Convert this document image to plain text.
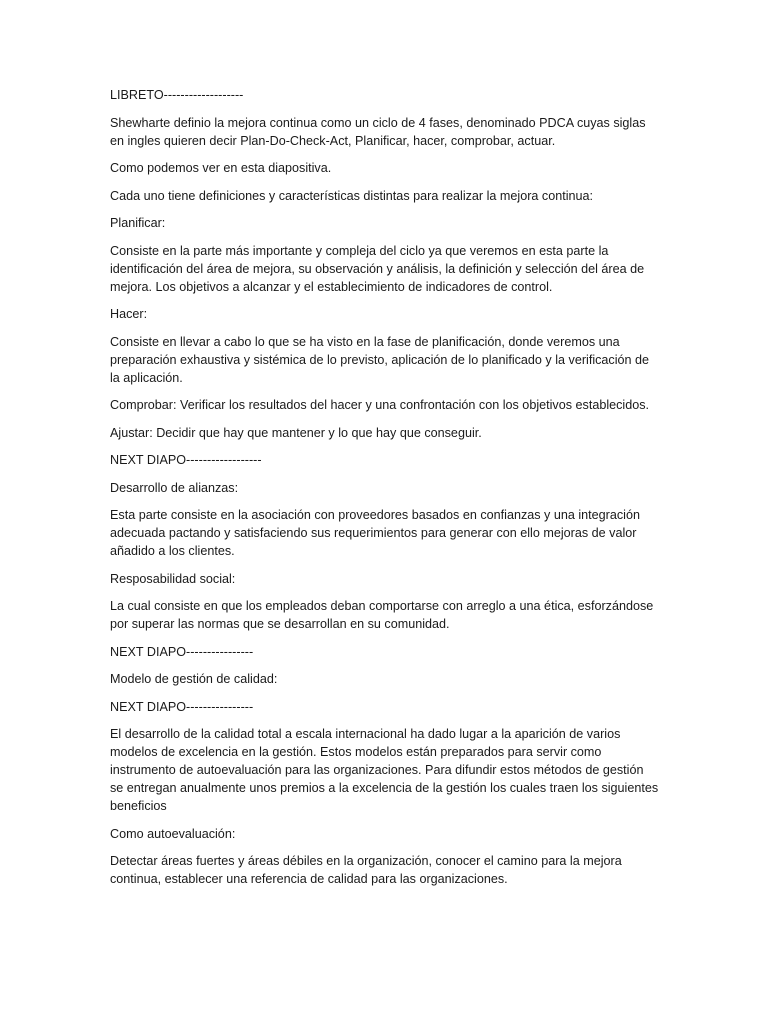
LIBRETO-------------------

Shewharte definio la mejora continua como un ciclo de 4 fases, denominado PDCA cuyas siglas en ingles quieren decir Plan-Do-Check-Act, Planificar, hacer, comprobar, actuar.

Como podemos ver en esta diapositiva.

Cada uno tiene definiciones y características distintas para realizar la mejora continua:

Planificar:

Consiste en la parte más importante y compleja del ciclo ya que veremos en esta parte la identificación del área de mejora, su observación y análisis, la definición y selección del área de mejora. Los objetivos a alcanzar y el establecimiento de indicadores de control.

Hacer:

Consiste en llevar a cabo lo que se ha visto en la fase de planificación, donde veremos una preparación exhaustiva y sistémica de lo previsto, aplicación de lo planificado y la verificación de la aplicación.

Comprobar: Verificar los resultados del hacer y una confrontación con los objetivos establecidos.

Ajustar: Decidir que hay que mantener y lo que hay que conseguir.

NEXT DIAPO------------------

Desarrollo de alianzas:

Esta parte consiste en la asociación con proveedores basados en confianzas y una integración adecuada pactando y satisfaciendo sus requerimientos para generar con ello mejoras de valor añadido a los clientes.

Resposabilidad social:

La cual consiste en que los empleados deban comportarse con arreglo a una ética, esforzándose por superar las normas que se desarrollan en su comunidad.

NEXT DIAPO----------------

Modelo de gestión de calidad:

NEXT DIAPO----------------

El desarrollo de la calidad total a escala internacional ha dado lugar a la aparición de varios modelos de excelencia en la gestión. Estos modelos están preparados para servir como instrumento de autoevaluación para las organizaciones. Para difundir estos métodos de gestión se entregan anualmente unos premios a la excelencia de la gestión los cuales traen los siguientes beneficios

Como autoevaluación:

Detectar áreas fuertes y áreas débiles en la organización, conocer el camino para la mejora continua, establecer una referencia de calidad para las organizaciones.
